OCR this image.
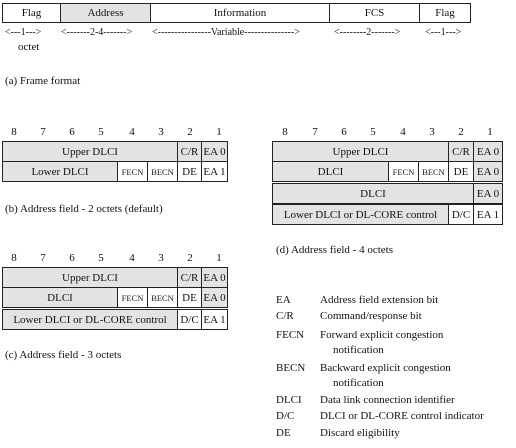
Flag	Address	Information	FCS	Flag
<---1---> <-------2-4-------> <----------------Variable--------------->	<--------2-------> <---1--->
octet
(a) Frame format
8 7 6 5 4 3 2 1
Upper DLCI	C/R EA 0
Lower DLCI	FECN BECN DE EA 1
(b) Address field - 2 octets (default)
8 7 6 5 4 3 2 1
Upper DLCI	C/R EA 0
DLCI	FECN BECN DE EA 0
Lower DLCI or DL-CORE control	D/C EA 1
(c) Address field - 3 octets
8 7 6 5 4 3 2 1
Upper DLCI	C/R EA 0
DLCI	FECN BECN DE EA 0
DLCI	EA 0
Lower DLCI or DL-CORE control	D/C EA 1
(d) Address field - 4 octets
EA	Address field extension bit
C/R Command/response bit
FECN Forward explicit congestion
notification
BECN Backward explicit congestion
notification
DLCI Data link connection identifier
D/C DLCI or DL-CORE control indicator
DE	Discard eligibility
